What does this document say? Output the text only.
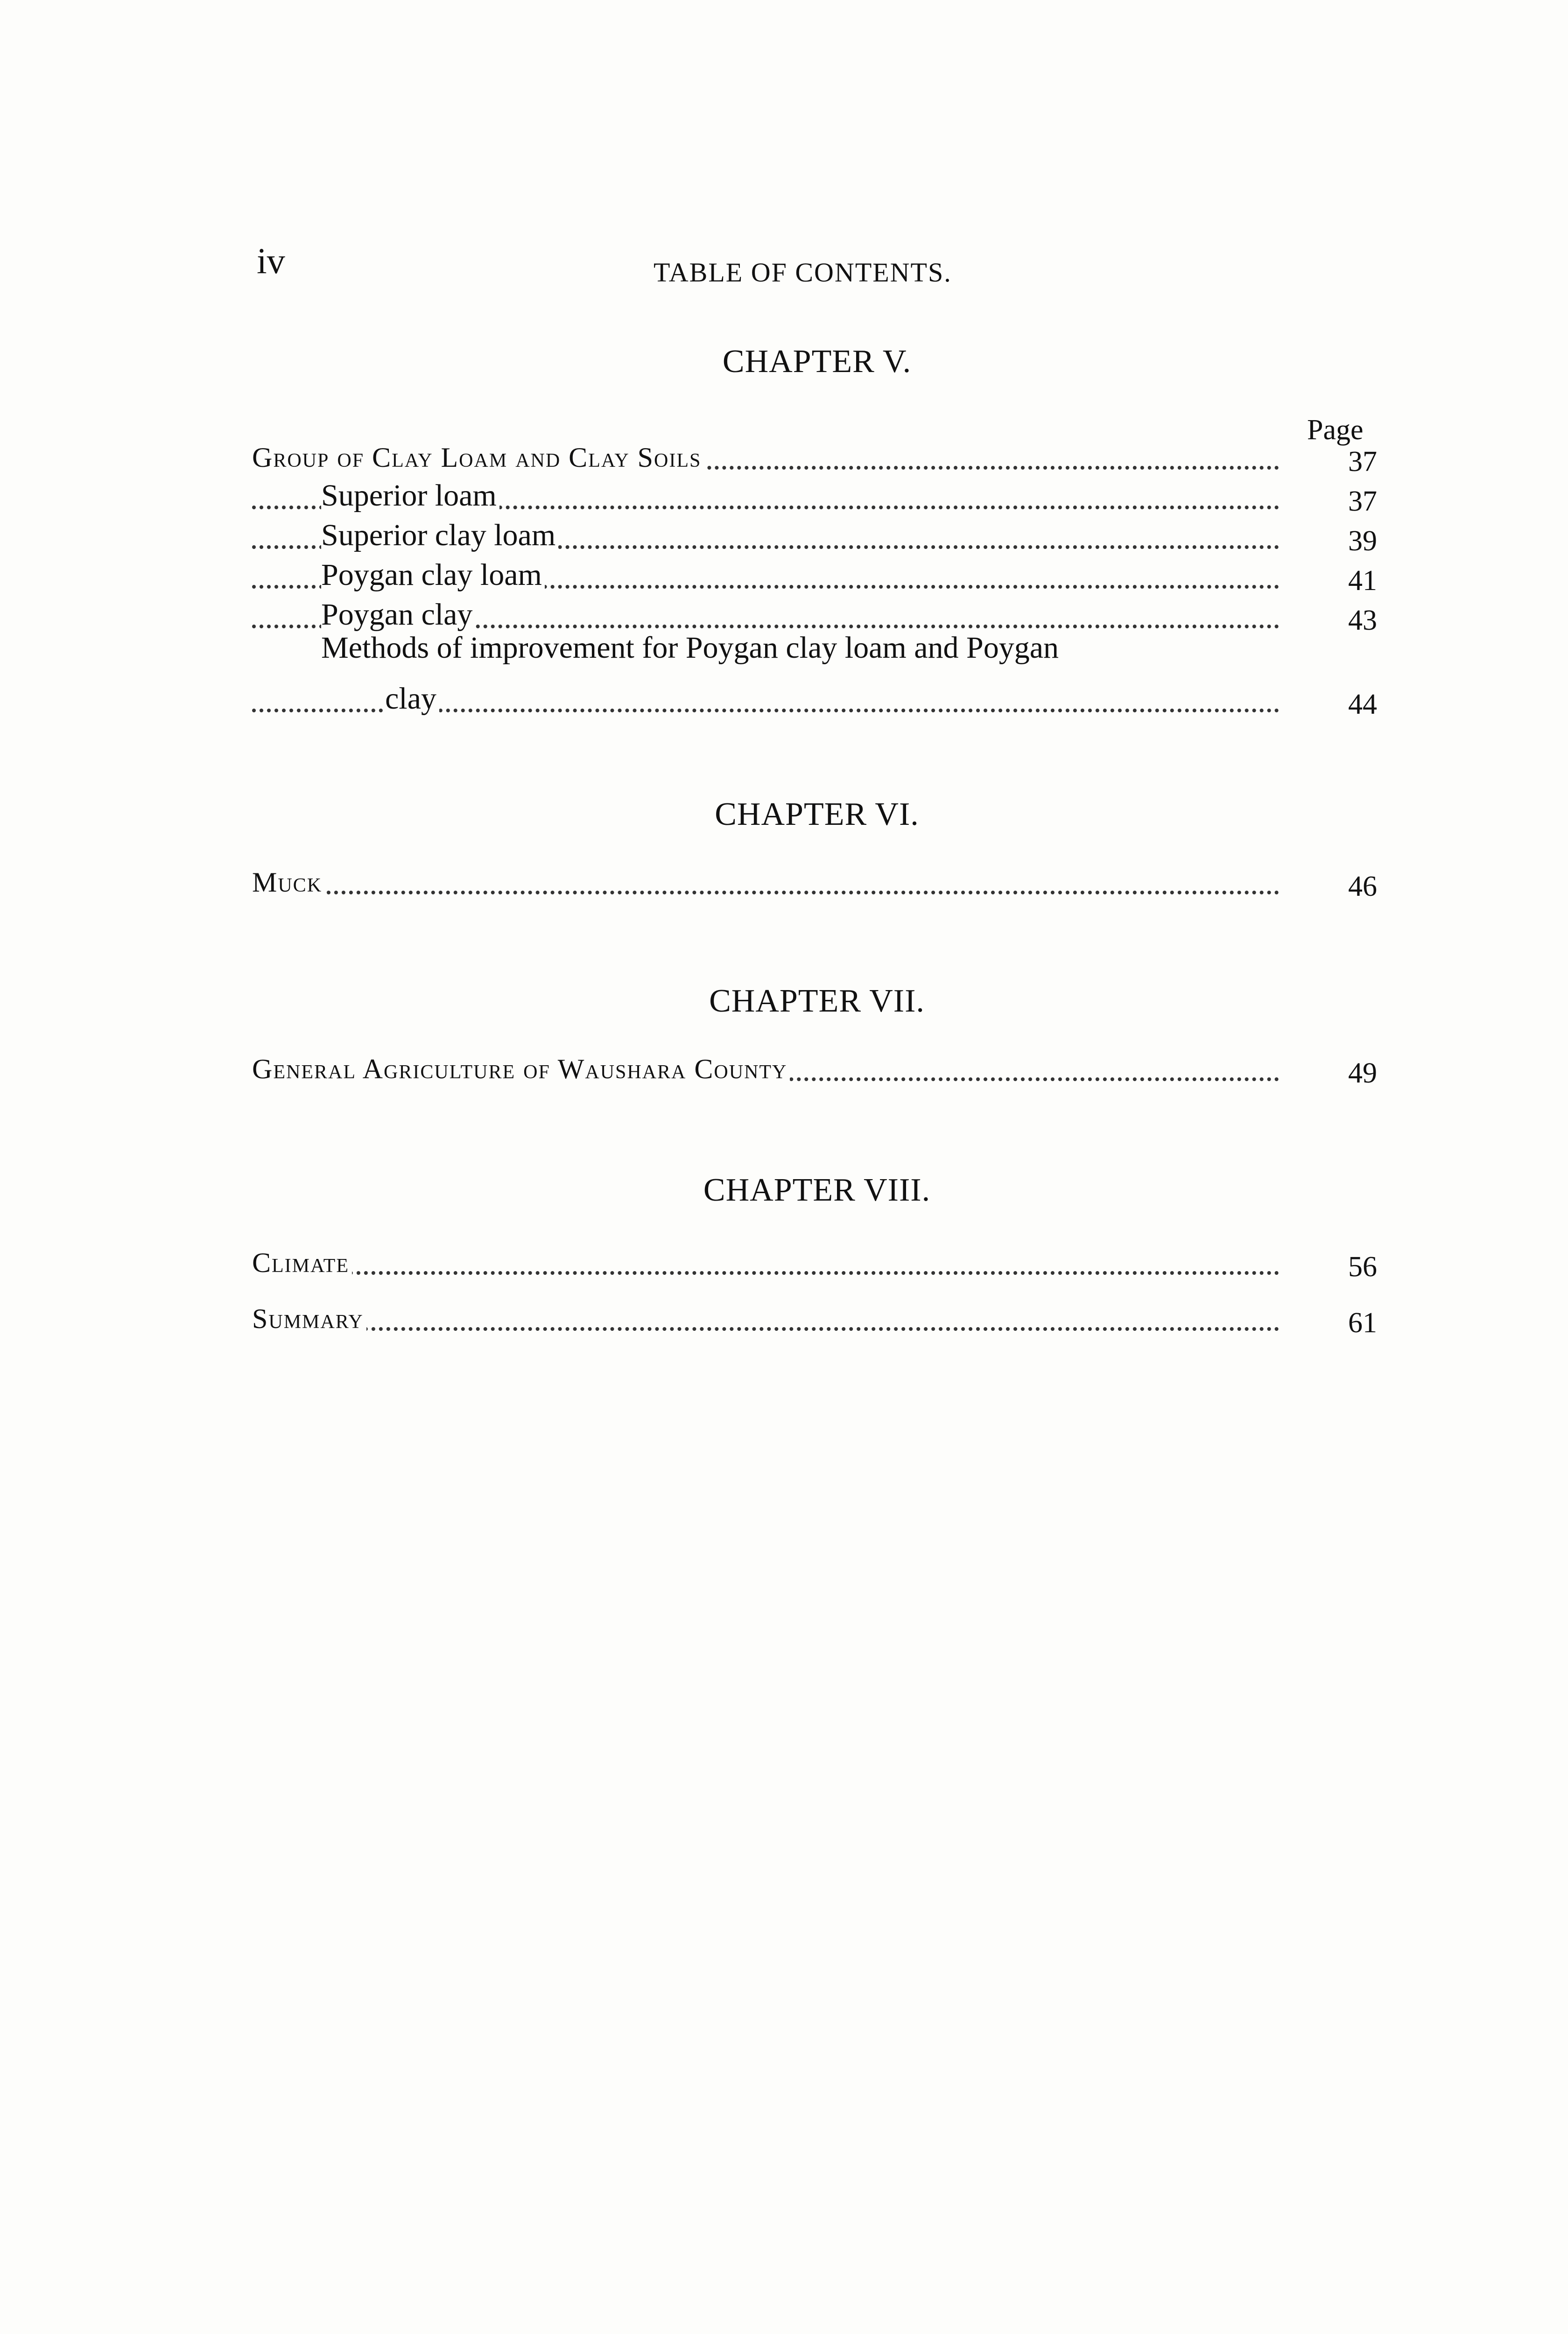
iv	TABLE OF CONTENTS.
CHAPTER V.
Page
Group of Clay Loam and Clay Soils	37
Superior loam	37
Superior clay loam	39
Poygan clay loam	41
Poygan clay	43
Methods of improvement for Poygan clay loam and Poygan
clay	44
CHAPTER VI.
Muck	46
CHAPTER VII.
General Agriculture of Waushara County	49
CHAPTER VIII.
Climate	56
Summary	61
